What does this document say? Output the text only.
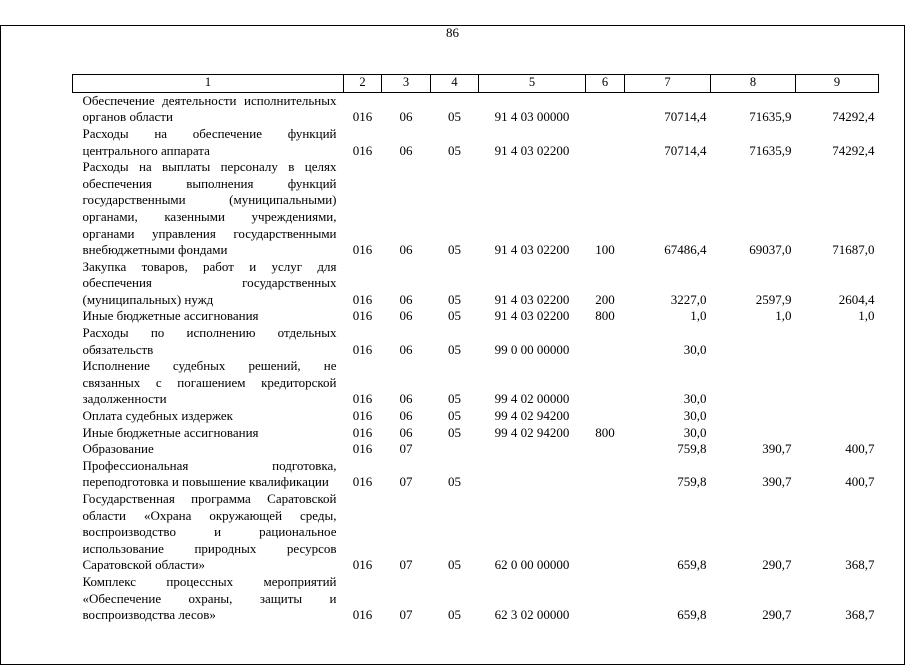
86
1	2	3	4	5	6	7	8	9
Обеспечение деятельности исполнительных органов области	016	06	05	91 4 03 00000		70714,4	71635,9	74292,4
Расходы на обеспечение функций центрального аппарата	016	06	05	91 4 03 02200		70714,4	71635,9	74292,4
Расходы на выплаты персоналу в целях обеспечения выполнения функций государственными (муниципальными) органами, казенными учреждениями, органами управления государственными внебюджетными фондами	016	06	05	91 4 03 02200	100	67486,4	69037,0	71687,0
Закупка товаров, работ и услуг для обеспечения государственных (муниципальных) нужд	016	06	05	91 4 03 02200	200	3227,0	2597,9	2604,4
Иные бюджетные ассигнования	016	06	05	91 4 03 02200	800	1,0	1,0	1,0
Расходы по исполнению отдельных обязательств	016	06	05	99 0 00 00000		30,0		
Исполнение судебных решений, не связанных с погашением кредиторской задолженности	016	06	05	99 4 02 00000		30,0		
Оплата судебных издержек	016	06	05	99 4 02 94200		30,0		
Иные бюджетные ассигнования	016	06	05	99 4 02 94200	800	30,0		
Образование	016	07				759,8	390,7	400,7
Профессиональная подготовка, переподготовка и повышение квалификации	016	07	05			759,8	390,7	400,7
Государственная программа Саратовской области «Охрана окружающей среды, воспроизводство и рациональное использование природных ресурсов Саратовской области»	016	07	05	62 0 00 00000		659,8	290,7	368,7
Комплекс процессных мероприятий «Обеспечение охраны, защиты и воспроизводства лесов»	016	07	05	62 3 02 00000		659,8	290,7	368,7
